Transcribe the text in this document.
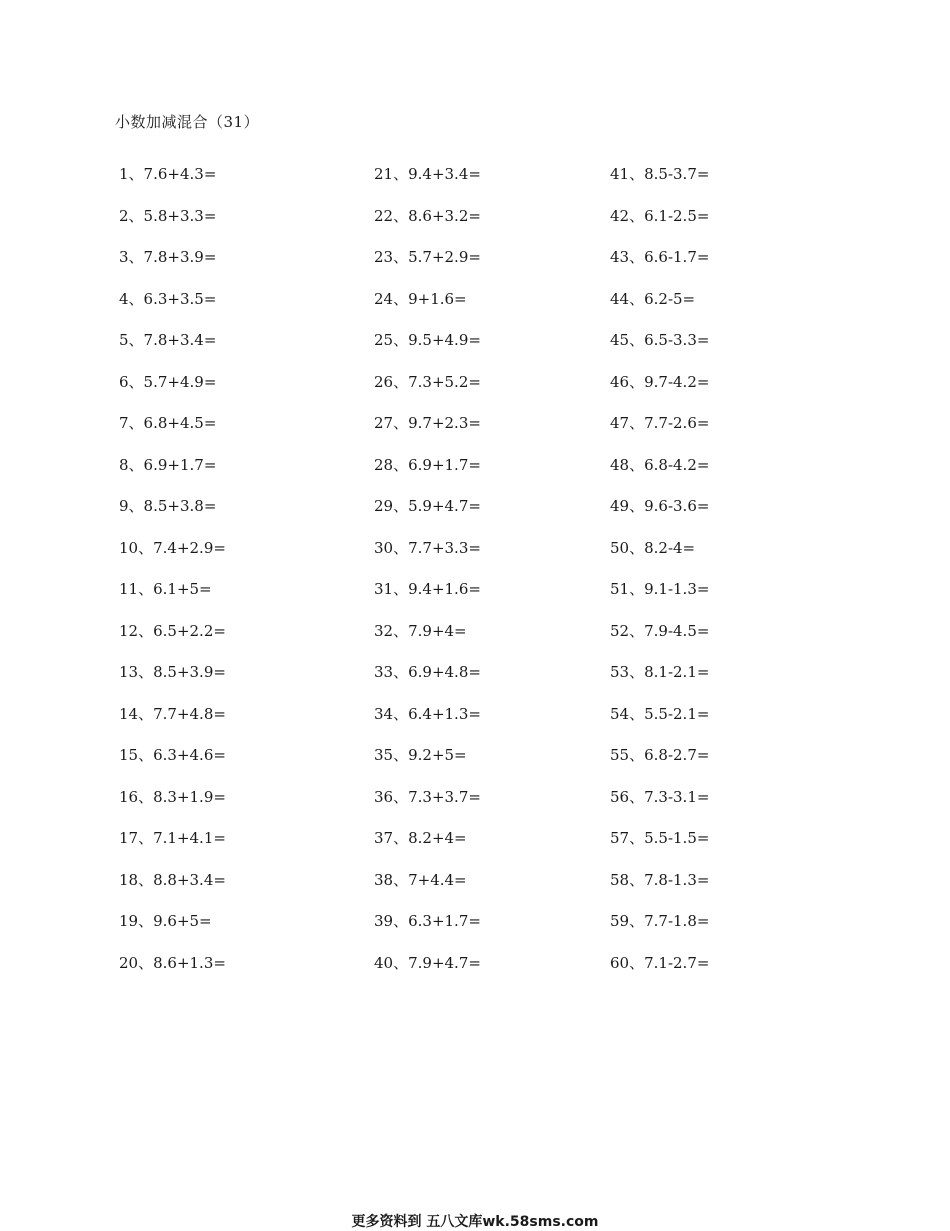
小数加减混合（31）
1、7.6+4.3=
2、5.8+3.3=
3、7.8+3.9=
4、6.3+3.5=
5、7.8+3.4=
6、5.7+4.9=
7、6.8+4.5=
8、6.9+1.7=
9、8.5+3.8=
10、7.4+2.9=
11、6.1+5=
12、6.5+2.2=
13、8.5+3.9=
14、7.7+4.8=
15、6.3+4.6=
16、8.3+1.9=
17、7.1+4.1=
18、8.8+3.4=
19、9.6+5=
20、8.6+1.3=
21、9.4+3.4=
22、8.6+3.2=
23、5.7+2.9=
24、9+1.6=
25、9.5+4.9=
26、7.3+5.2=
27、9.7+2.3=
28、6.9+1.7=
29、5.9+4.7=
30、7.7+3.3=
31、9.4+1.6=
32、7.9+4=
33、6.9+4.8=
34、6.4+1.3=
35、9.2+5=
36、7.3+3.7=
37、8.2+4=
38、7+4.4=
39、6.3+1.7=
40、7.9+4.7=
41、8.5-3.7=
42、6.1-2.5=
43、6.6-1.7=
44、6.2-5=
45、6.5-3.3=
46、9.7-4.2=
47、7.7-2.6=
48、6.8-4.2=
49、9.6-3.6=
50、8.2-4=
51、9.1-1.3=
52、7.9-4.5=
53、8.1-2.1=
54、5.5-2.1=
55、6.8-2.7=
56、7.3-3.1=
57、5.5-1.5=
58、7.8-1.3=
59、7.7-1.8=
60、7.1-2.7=
更多资料到 五八文库wk.58sms.com
